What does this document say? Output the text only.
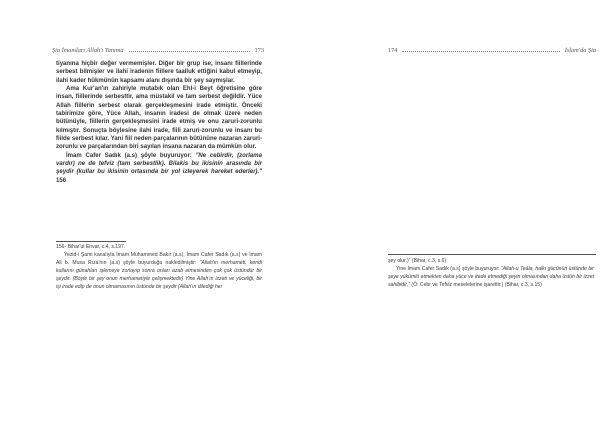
Şia İmamları Allah'ı Tanıma	173

tiyanına hiçbir değer vermemişler. Diğer bir grup ise, insanı fiillerinde serbest bilmişler ve ilahi iradenin fiillere taalluk ettiğini kabul etmeyip, ilahi kader hükmünün kapsamı alanı dışında bir şey saymışlar.

Ama Kur'an'ın zahiriyle mutabık olan Ehl-i Beyt öğretisine göre insan, fiillerinde serbesttir, ama müstakil ve tam serbest değildir. Yüce Allah fiillerin serbest olarak gerçekleşmesini irade etmiştir. Önceki tabirimize göre, Yüce Allah, insanın iradesi de olmak üzere neden bütünüyle, fiillerin gerçekleşmesini irade etmiş ve onu zaruri-zorunlu kılmıştır. Sonuçta böylesine ilahi irade, fiili zaruri-zorunlu ve insanı bu fiilde serbest kılar. Yani fiil neden parçalarının bütününe nazaran zaruri-zorunlu ve parçalarından biri sayılan insana nazaran da mümkün olur.

İmam Cafer Sadık (a.s) şöyle buyuruyor: "Ne cebirdir, (zorlama vardır) ne de tefviz (tam serbestlik). Bilakis bu ikisinin arasında bir şeydir (kullar bu ikisinin ortasında bir yol izleyerek hareket ederler)." 156

156- Bihar'ul Envar, c.4, s.197.

Yezid-i Şami kanalıyla İmam Muhammed Bakır (a.s), İmam Cafer Sadık (a.s) ve İmam Ali b. Musa Rıza'nın (a.s) şöyle buyurduğu nakledilmiştir: "Allah'ın merhameti, kendi kullarını günahları işlemeye zorlayıp sonra onları azab etmesinden çok çok üstündür bir şeydir. (Böyle bir şey onun merhametiyle çelişmektedir) Yine Allah'ın izzeti ve yüceliği, bir işi irade edip de onun olmamasının üstünde bir şeydir (Allah'ın dilediği her

174	İslam'da Şia

şey olur.)" (Bihar, c.3, s.6)

Yine İmam Cafer Sadık (a.s) şöyle buyuruyor: "Allah-u Teâla, halkı gücünün üstünde bir şeye yükümlü etmekten daha yüce ve irade etmediği şeyin olmasından daha üstün bir izzet sahibidir." (Ö: Cebr ve Tefviz meselelerine işarettir.) (Bihar, c.3, s.15)
